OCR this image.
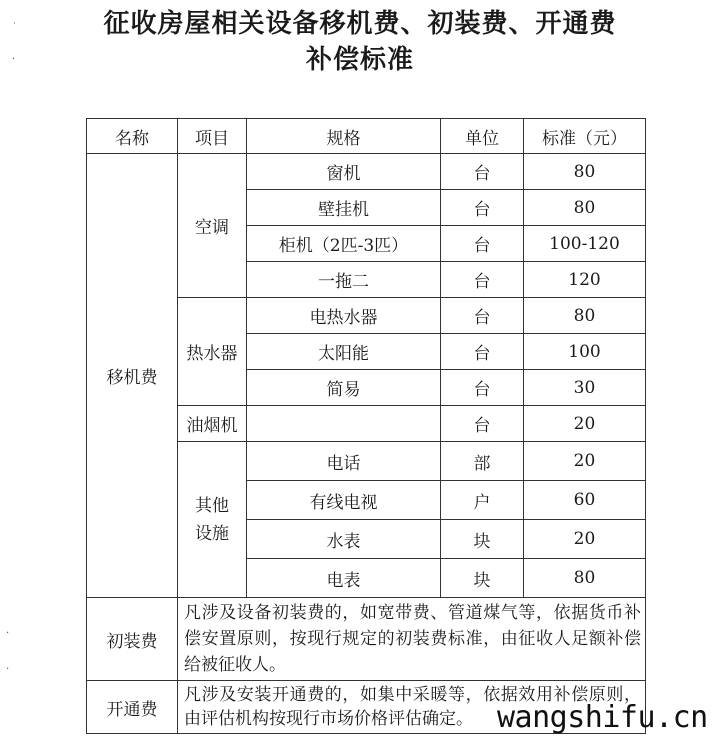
征收房屋相关设备移机费、初装费、开通费
补偿标准
名称	项目	规格	单位	标准（元）
移机费	空调	窗机	台	80
		壁挂机	台	80
		柜机（2匹-3匹）	台	100-120
		一拖二	台	120
	热水器	电热水器	台	80
		太阳能	台	100
		简易	台	30
	油烟机		台	20
	其他设施	电话	部	20
		有线电视	户	60
		水表	块	20
		电表	块	80
初装费	凡涉及设备初装费的，如宽带费、管道煤气等，依据货币补偿安置原则，按现行规定的初装费标准，由征收人足额补偿给被征收人。			
开通费	凡涉及安装开通费的，如集中采暖等，依据效用补偿原则，由评估机构按现行市场价格评估确定。			wangshifu.cn
˙
·
·
·
